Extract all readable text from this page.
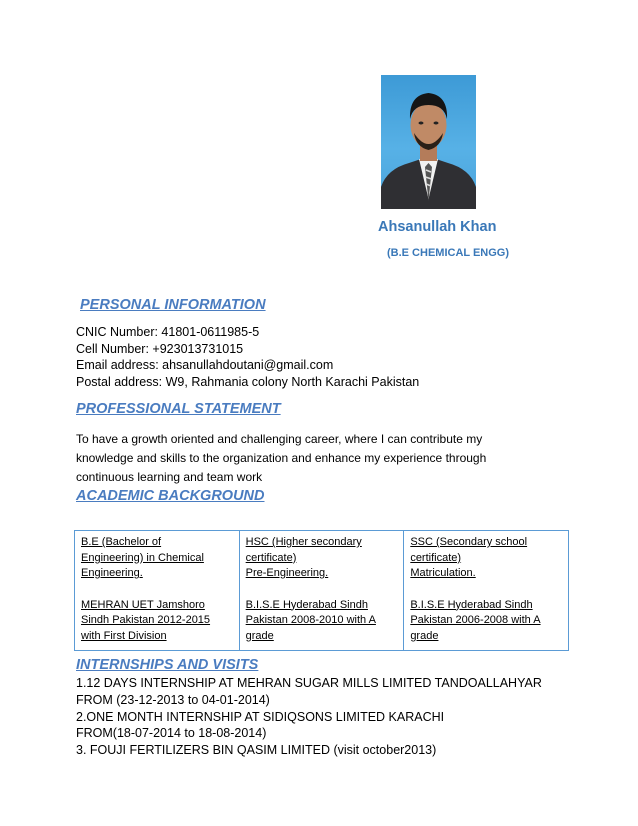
Ahsanullah Khan
(B.E CHEMICAL ENGG)
PERSONAL INFORMATION
CNIC Number: 41801-0611985-5
Cell Number: +923013731015
Email address: ahsanullahdoutani@gmail.com
Postal address: W9, Rahmania colony North Karachi Pakistan
PROFESSIONAL STATEMENT
To have a growth oriented and challenging career, where I can contribute my knowledge and skills to the organization and enhance my experience through continuous learning and team work
ACADEMIC BACKGROUND
B.E (Bachelor of
Engineering) in Chemical
Engineering.
MEHRAN UET Jamshoro
Sindh Pakistan 2012-2015
with First Division	HSC (Higher secondary
certificate)
Pre-Engineering.
B.I.S.E Hyderabad Sindh
Pakistan 2008-2010 with A
grade	SSC (Secondary school
certificate)
Matriculation.
B.I.S.E Hyderabad Sindh
Pakistan 2006-2008 with A
grade
INTERNSHIPS AND VISITS
1.12 DAYS INTERNSHIP AT MEHRAN SUGAR MILLS LIMITED TANDOALLAHYAR
FROM (23-12-2013 to 04-01-2014)
2.ONE MONTH INTERNSHIP AT SIDIQSONS LIMITED KARACHI
FROM(18-07-2014 to 18-08-2014)
3. FOUJI FERTILIZERS BIN QASIM LIMITED (visit october2013)
